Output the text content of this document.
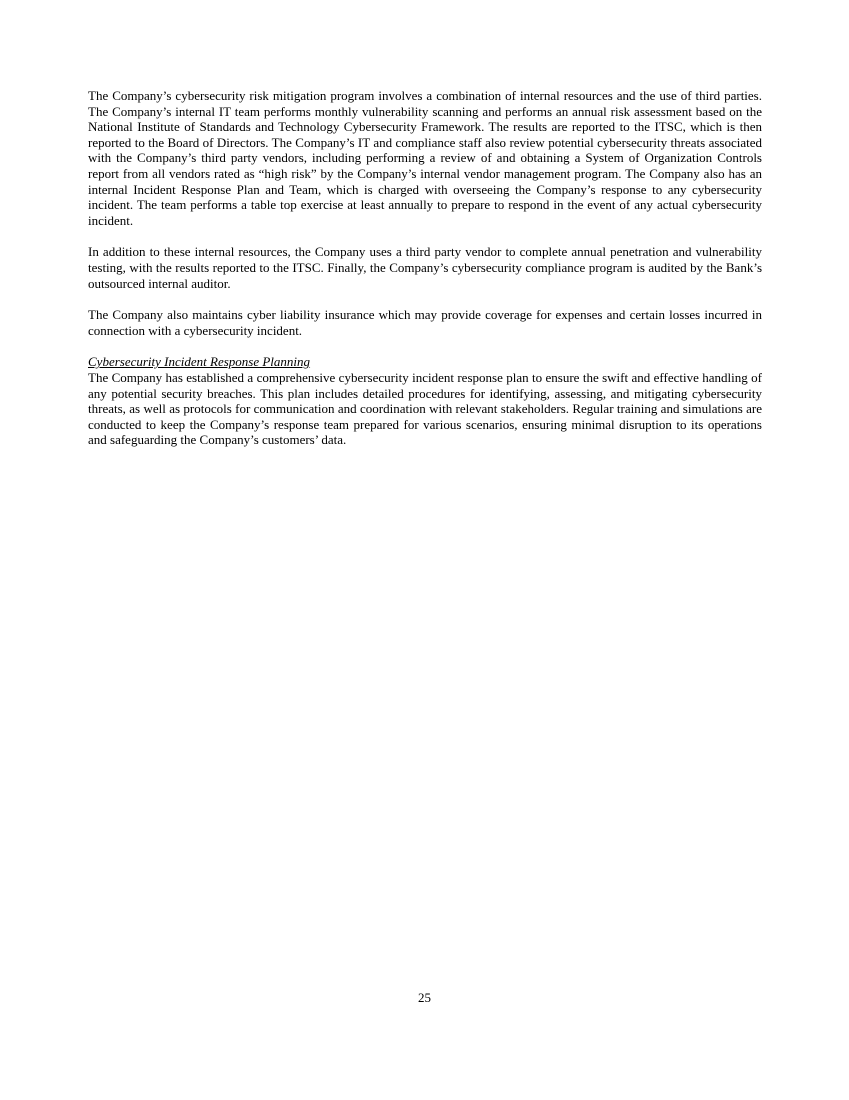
The Company’s cybersecurity risk mitigation program involves a combination of internal resources and the use of third parties. The Company’s internal IT team performs monthly vulnerability scanning and performs an annual risk assessment based on the National Institute of Standards and Technology Cybersecurity Framework. The results are reported to the ITSC, which is then reported to the Board of Directors. The Company’s IT and compliance staff also review potential cybersecurity threats associated with the Company’s third party vendors, including performing a review of and obtaining a System of Organization Controls report from all vendors rated as “high risk” by the Company’s internal vendor management program. The Company also has an internal Incident Response Plan and Team, which is charged with overseeing the Company’s response to any cybersecurity incident. The team performs a table top exercise at least annually to prepare to respond in the event of any actual cybersecurity incident.

In addition to these internal resources, the Company uses a third party vendor to complete annual penetration and vulnerability testing, with the results reported to the ITSC. Finally, the Company’s cybersecurity compliance program is audited by the Bank’s outsourced internal auditor.

The Company also maintains cyber liability insurance which may provide coverage for expenses and certain losses incurred in connection with a cybersecurity incident.

Cybersecurity Incident Response Planning

The Company has established a comprehensive cybersecurity incident response plan to ensure the swift and effective handling of any potential security breaches. This plan includes detailed procedures for identifying, assessing, and mitigating cybersecurity threats, as well as protocols for communication and coordination with relevant stakeholders. Regular training and simulations are conducted to keep the Company’s response team prepared for various scenarios, ensuring minimal disruption to its operations and safeguarding the Company’s customers’ data.

25
